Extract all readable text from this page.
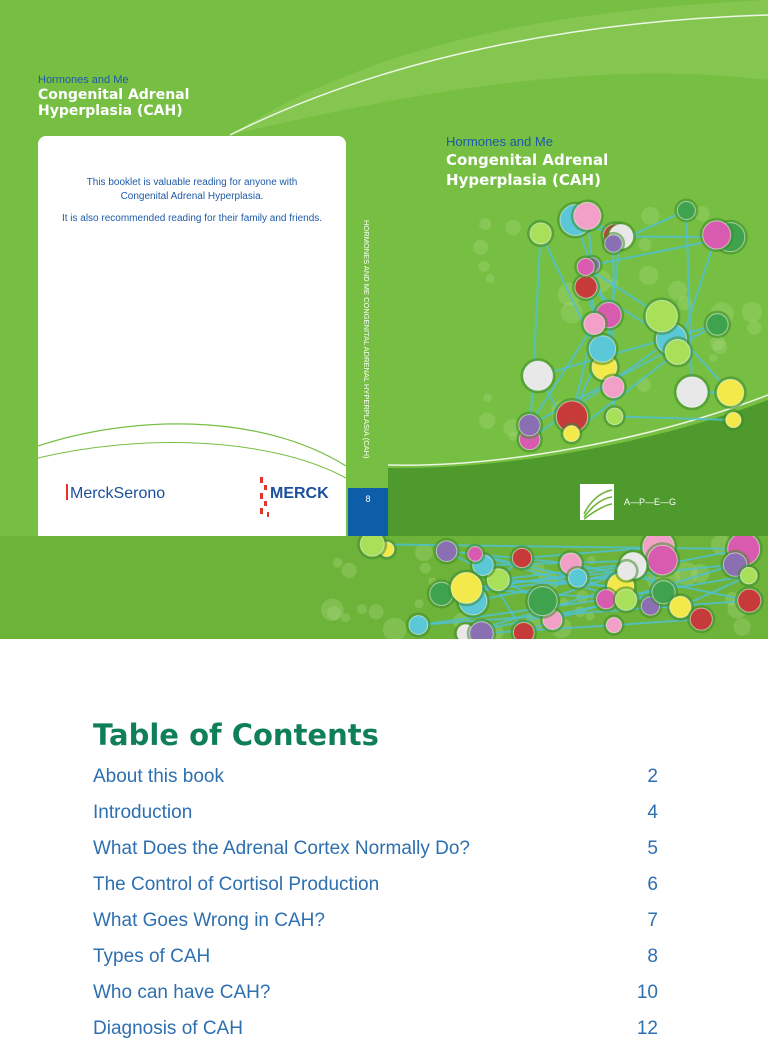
Hormones and Me
Congenital Adrenal
Hyperplasia (CAH)
This booklet is valuable reading for anyone with
Congenital Adrenal Hyperplasia.
It is also recommended reading for their family and friends.
MerckSerono	MERCK
HORMONES AND ME CONGENITAL ADRENAL HYPERPLASIA (CAH)
8
Hormones and Me
Congenital Adrenal
Hyperplasia (CAH)
A—P—E—G
Table of Contents
About this book	2
Introduction	4
What Does the Adrenal Cortex Normally Do?	5
The Control of Cortisol Production	6
What Goes Wrong in CAH?	7
Types of CAH	8
Who can have CAH?	10
Diagnosis of CAH	12
